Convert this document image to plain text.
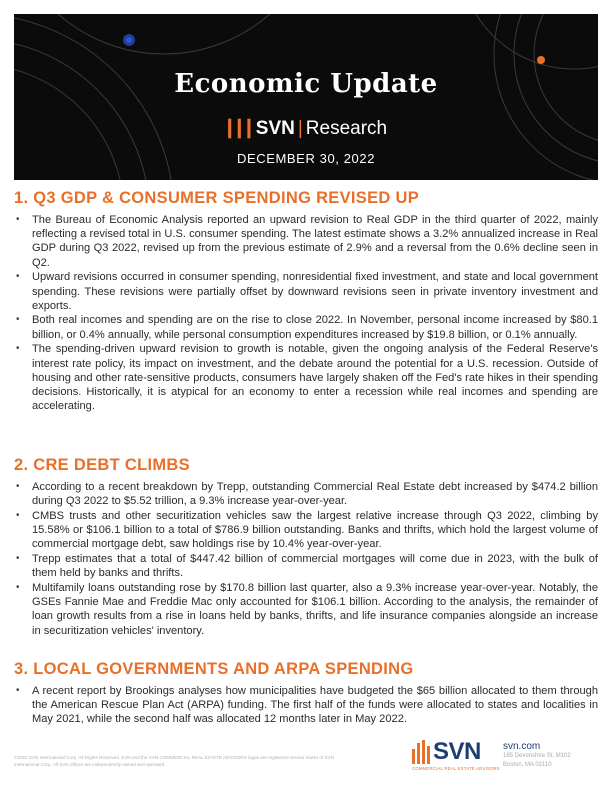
Economic Update
┃┃┃ SVN | Research
DECEMBER 30, 2022
1. Q3 GDP & CONSUMER SPENDING REVISED UP
• The Bureau of Economic Analysis reported an upward revision to Real GDP in the third quarter of 2022, mainly reflecting a revised total in U.S. consumer spending. The latest estimate shows a 3.2% annualized increase in Real GDP during Q3 2022, revised up from the previous estimate of 2.9% and a reversal from the 0.6% decline seen in Q2.
• Upward revisions occurred in consumer spending, nonresidential fixed investment, and state and local government spending. These revisions were partially offset by downward revisions seen in private inventory investment and exports.
• Both real incomes and spending are on the rise to close 2022. In November, personal income increased by $80.1 billion, or 0.4% annually, while personal consumption expenditures increased by $19.8 billion, or 0.1% annually.
• The spending-driven upward revision to growth is notable, given the ongoing analysis of the Federal Reserve's interest rate policy, its impact on investment, and the debate around the potential for a U.S. recession. Outside of housing and other rate-sensitive products, consumers have largely shaken off the Fed's rate hikes in their spending decisions. Historically, it is atypical for an economy to enter a recession while real incomes and spending are accelerating.
2. CRE DEBT CLIMBS
• According to a recent breakdown by Trepp, outstanding Commercial Real Estate debt increased by $474.2 billion during Q3 2022 to $5.52 trillion, a 9.3% increase year-over-year.
• CMBS trusts and other securitization vehicles saw the largest relative increase through Q3 2022, climbing by 15.58% or $106.1 billion to a total of $786.9 billion outstanding. Banks and thrifts, which hold the largest volume of commercial mortgage debt, saw holdings rise by 10.4% year-over-year.
• Trepp estimates that a total of $447.42 billion of commercial mortgages will come due in 2023, with the bulk of them held by banks and thrifts.
• Multifamily loans outstanding rose by $170.8 billion last quarter, also a 9.3% increase year-over-year. Notably, the GSEs Fannie Mae and Freddie Mac only accounted for $106.1 billion. According to the analysis, the remainder of loan growth results from a rise in loans held by banks, thrifts, and life insurance companies alongside an increase in securitization vehicles' inventory.
3. LOCAL GOVERNMENTS AND ARPA SPENDING
• A recent report by Brookings analyses how municipalities have budgeted the $65 billion allocated to them through the American Rescue Plan Act (ARPA) funding. The first half of the funds were allocated to states and localities in May 2021, while the second half was allocated 12 months later in May 2022.
©2022 SVN International Corp. All Rights Reserved. SVN and the SVN COMMERCIAL REAL ESTATE ADVISORS logos are registered service marks of SVN International Corp. All SVN offices are independently owned and operated.	SVN
COMMERCIAL REAL ESTATE ADVISORS
svn.com
185 Devonshire St, M102
Boston, MA 02110
